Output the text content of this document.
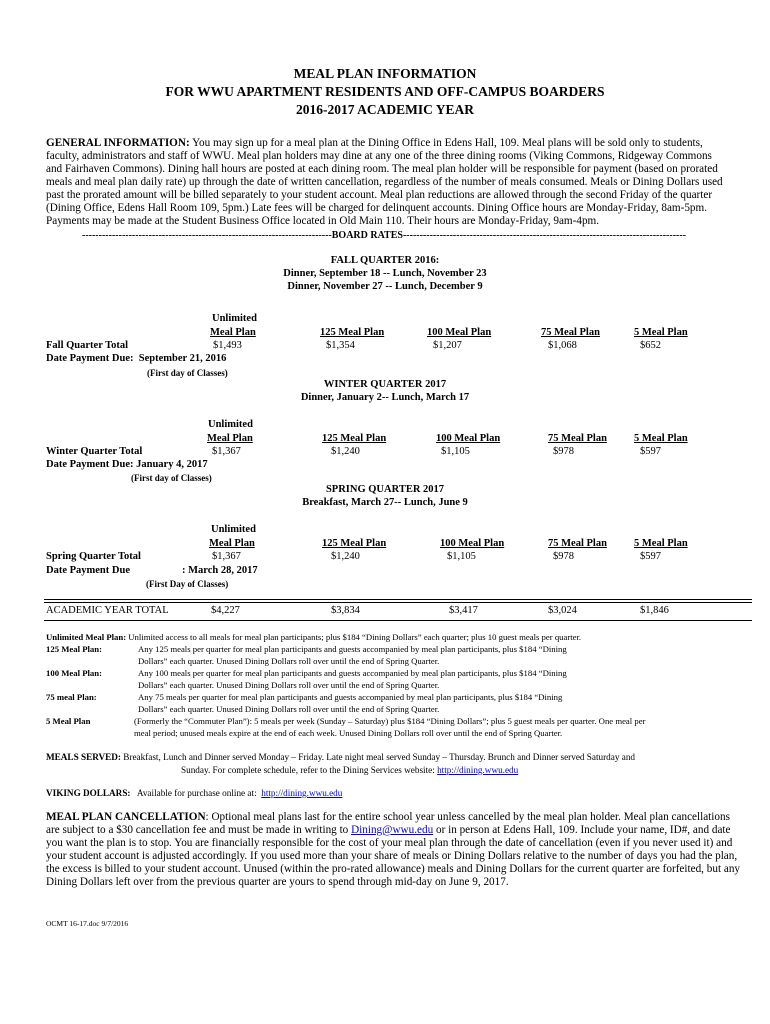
MEAL PLAN INFORMATION
FOR WWU APARTMENT RESIDENTS AND OFF-CAMPUS BOARDERS
2016-2017 ACADEMIC YEAR
GENERAL INFORMATION: You may sign up for a meal plan at the Dining Office in Edens Hall, 109. Meal plans will be sold only to students,
faculty, administrators and staff of WWU. Meal plan holders may dine at any one of the three dining rooms (Viking Commons, Ridgeway Commons
and Fairhaven Commons). Dining hall hours are posted at each dining room. The meal plan holder will be responsible for payment (based on prorated
meals and meal plan daily rate) up through the date of written cancellation, regardless of the number of meals consumed. Meals or Dining Dollars used
past the prorated amount will be billed separately to your student account. Meal plan reductions are allowed through the second Friday of the quarter
(Dining Office, Edens Hall Room 109, 5pm.) Late fees will be charged for delinquent accounts. Dining Office hours are Monday-Friday, 8am-5pm.
Payments may be made at the Student Business Office located in Old Main 110. Their hours are Monday-Friday, 9am-4pm.
---------------------------------------------------------------------------BOARD RATES-------------------------------------------------------------------------------------
FALL QUARTER 2016:
Dinner, September 18 -- Lunch, November 23
Dinner, November 27 -- Lunch, December 9
Unlimited
Meal Plan	125 Meal Plan	100 Meal Plan	75 Meal Plan	5 Meal Plan
Fall Quarter Total	$1,493	$1,354	$1,207	$1,068	$652
Date Payment Due: September 21, 2016
(First day of Classes)
WINTER QUARTER 2017
Dinner, January 2-- Lunch, March 17
Unlimited
Meal Plan	125 Meal Plan	100 Meal Plan	75 Meal Plan	5 Meal Plan
Winter Quarter Total	$1,367	$1,240	$1,105	$978	$597
Date Payment Due: January 4, 2017
(First day of Classes)
SPRING QUARTER 2017
Breakfast, March 27-- Lunch, June 9
Unlimited
Meal Plan	125 Meal Plan	100 Meal Plan	75 Meal Plan	5 Meal Plan
Spring Quarter Total	$1,367	$1,240	$1,105	$978	$597
Date Payment Due	: March 28, 2017
(First Day of Classes)
ACADEMIC YEAR TOTAL	$4,227	$3,834	$3,417	$3,024	$1,846
Unlimited Meal Plan: Unlimited access to all meals for meal plan participants; plus $184 “Dining Dollars” each quarter; plus 10 guest meals per quarter.
125 Meal Plan:	Any 125 meals per quarter for meal plan participants and guests accompanied by meal plan participants, plus $184 “Dining
Dollars” each quarter. Unused Dining Dollars roll over until the end of Spring Quarter.
100 Meal Plan:	Any 100 meals per quarter for meal plan participants and guests accompanied by meal plan participants, plus $184 “Dining
Dollars” each quarter. Unused Dining Dollars roll over until the end of Spring Quarter.
75 meal Plan:	Any 75 meals per quarter for meal plan participants and guests accompanied by meal plan participants, plus $184 “Dining
Dollars” each quarter. Unused Dining Dollars roll over until the end of Spring Quarter.
5 Meal Plan	(Formerly the “Commuter Plan”): 5 meals per week (Sunday – Saturday) plus $184 “Dining Dollars”; plus 5 guest meals per quarter. One meal per
meal period; unused meals expire at the end of each week. Unused Dining Dollars roll over until the end of Spring Quarter.
MEALS SERVED: Breakfast, Lunch and Dinner served Monday – Friday. Late night meal served Sunday – Thursday. Brunch and Dinner served Saturday and
Sunday. For complete schedule, refer to the Dining Services website: http://dining.wwu.edu
VIKING DOLLARS: Available for purchase online at: http://dining.wwu.edu
MEAL PLAN CANCELLATION: Optional meal plans last for the entire school year unless cancelled by the meal plan holder. Meal plan cancellations
are subject to a $30 cancellation fee and must be made in writing to Dining@wwu.edu or in person at Edens Hall, 109. Include your name, ID#, and date
you want the plan is to stop. You are financially responsible for the cost of your meal plan through the date of cancellation (even if you never used it) and
your student account is adjusted accordingly. If you used more than your share of meals or Dining Dollars relative to the number of days you had the plan,
the excess is billed to your student account. Unused (within the pro-rated allowance) meals and Dining Dollars for the current quarter are forfeited, but any
Dining Dollars left over from the previous quarter are yours to spend through mid-day on June 9, 2017.
OCMT 16-17.doc 9/7/2016
